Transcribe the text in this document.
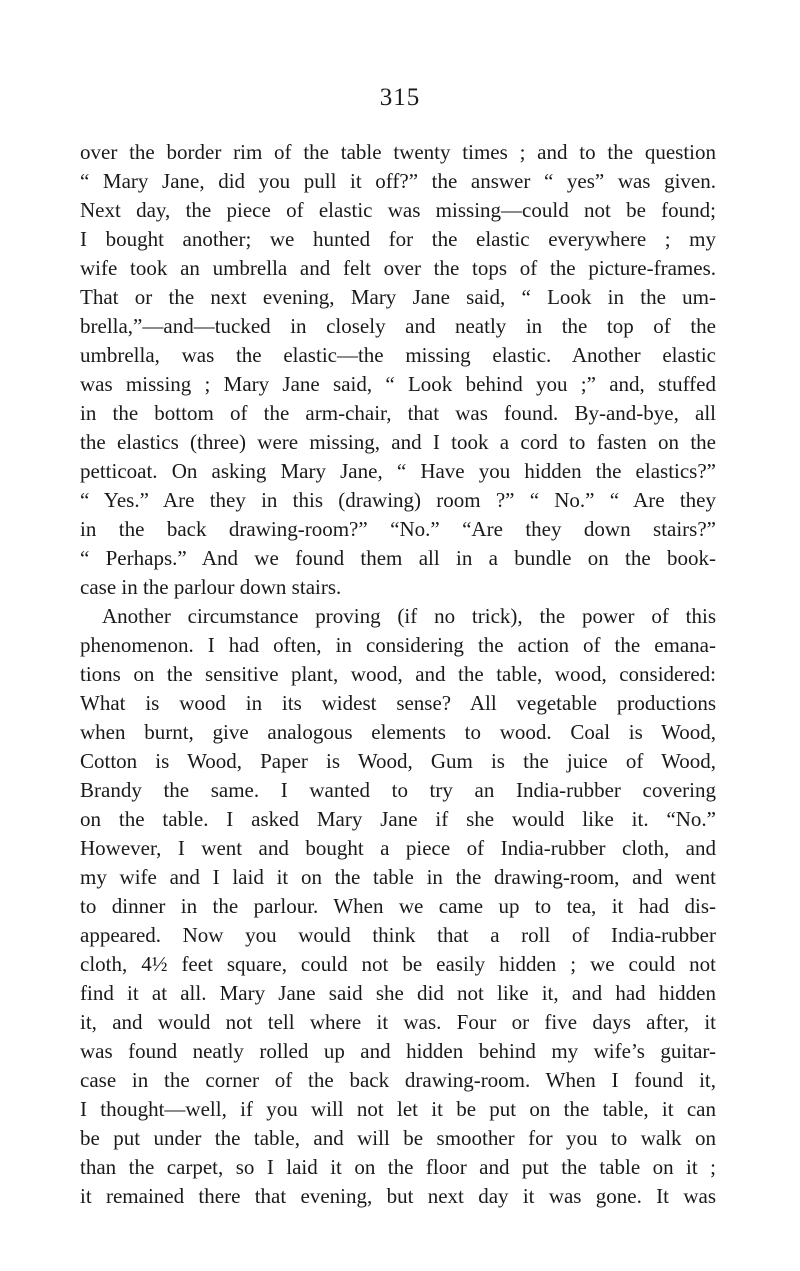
315
over the border rim of the table twenty times ; and to the question
“ Mary Jane, did you pull it off?” the answer “ yes” was given.
Next day, the piece of elastic was missing—could not be found;
I bought another; we hunted for the elastic everywhere ; my
wife took an umbrella and felt over the tops of the picture-frames.
That or the next evening, Mary Jane said, “ Look in the um-
brella,”—and—tucked in closely and neatly in the top of the
umbrella, was the elastic—the missing elastic. Another elastic
was missing ; Mary Jane said, “ Look behind you ;” and, stuffed
in the bottom of the arm-chair, that was found. By-and-bye, all
the elastics (three) were missing, and I took a cord to fasten on the
petticoat. On asking Mary Jane, “ Have you hidden the elastics?”
“ Yes.” Are they in this (drawing) room ?” “ No.” “ Are they
in the back drawing-room?” “No.” “Are they down stairs?”
“ Perhaps.” And we found them all in a bundle on the book-
case in the parlour down stairs.
Another circumstance proving (if no trick), the power of this
phenomenon. I had often, in considering the action of the emana-
tions on the sensitive plant, wood, and the table, wood, considered:
What is wood in its widest sense? All vegetable productions
when burnt, give analogous elements to wood. Coal is Wood,
Cotton is Wood, Paper is Wood, Gum is the juice of Wood,
Brandy the same. I wanted to try an India-rubber covering
on the table. I asked Mary Jane if she would like it. “No.”
However, I went and bought a piece of India-rubber cloth, and
my wife and I laid it on the table in the drawing-room, and went
to dinner in the parlour. When we came up to tea, it had dis-
appeared. Now you would think that a roll of India-rubber
cloth, 4½ feet square, could not be easily hidden ; we could not
find it at all. Mary Jane said she did not like it, and had hidden
it, and would not tell where it was. Four or five days after, it
was found neatly rolled up and hidden behind my wife’s guitar-
case in the corner of the back drawing-room. When I found it,
I thought—well, if you will not let it be put on the table, it can
be put under the table, and will be smoother for you to walk on
than the carpet, so I laid it on the floor and put the table on it ;
it remained there that evening, but next day it was gone. It was
